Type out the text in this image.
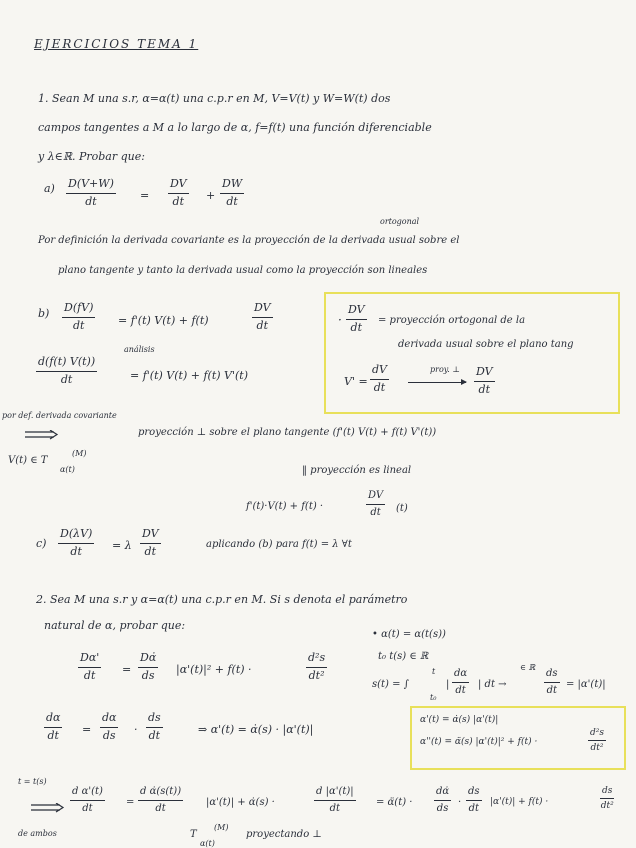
EJERCICIOS TEMA 1
1. Sean M una s.r, α=α(t) una c.p.r en M, V=V(t) y W=W(t) dos
campos tangentes a M a lo largo de α, f=f(t) una función diferenciable
y λ∈ℝ. Probar que:
$a) \frac{D(V+W)}{dt} = \frac{DV}{dt} + \frac{DW}{dt}$
ortogonal
Por definición la derivada covariante es la proyección de la derivada usual sobre el
plano tangente y tanto la derivada usual como la proyección son lineales
$b) \frac{D(fV)}{dt} = f'(t) V(t) + f(t)$	$\frac{DV}{dt}$
análisis
$\frac{d(f(t) V(t))}{dt}$	= f'(t) V(t) + f(t) V'(t)
por def. derivada covariante
proyección ⊥ sobre el plano tangente (f'(t) V(t) + f(t) V'(t))
V(t) ∈ T
α(t)
(M)
‖ proyección es lineal
f'(t)·V(t) + f(t) ·	$\frac{DV}{dt} (t)$
· $\frac{DV}{dt}$ = proyección ortogonal de la
derivada usual sobre el plano tang
$V' = \frac{dV}{dt}$	proy. ⊥ $\frac{DV}{dt}$
$c) \frac{D(\lambda V)}{dt} = \lambda \frac{DV}{dt}$	aplicando (b) para f(t) = λ ∀t
2. Sea M una s.r y α=α(t) una c.p.r en M. Si s denota el parámetro
natural de α, probar que:
$\frac{D\alpha'}{dt} = \frac{D\alphȧ}{ds} |\alpha'(t)|^2 + f(t)$ ·	$\frac{\text{d²s}}{\text{dt²}}$
• α(t) = α(t(s))
t₀ t(s) ∈ ℝ
s(t) = ∫
t
t₀
| $\frac{d\alpha}{dt}$ | dt →
∈ ℝ
$\frac{ds}{dt} = |\alpha'(t)|$
$\frac{d\alpha}{dt} = \frac{d\alpha}{ds} \cdot \frac{ds}{dt}$	⇒ α'(t) = α̇(s) · |α'(t)|
α'(t) = α̇(s) |α'(t)|
α''(t) = α̈(s) |α'(t)|² + f(t) ·	$\frac{\text{d²s}}{\text{dt²}}$
t = t(s)
$\frac{\text{d α'(t)}}{dt} = \frac{\text{d α̇(s(t))}}{dt} |\alpha'(t)|$ + α̇(s) ·	$\frac{d |\alpha'(t)|}{dt}$ = α̈(t) · $\frac{d\alphȧ}{ds} \cdot \frac{ds}{dt} |\alpha'(t)| + f(t)$ ·	$\frac{ds}{\text{dt²}}$
de ambos	T
α(t)
(M)
proyectando ⊥
